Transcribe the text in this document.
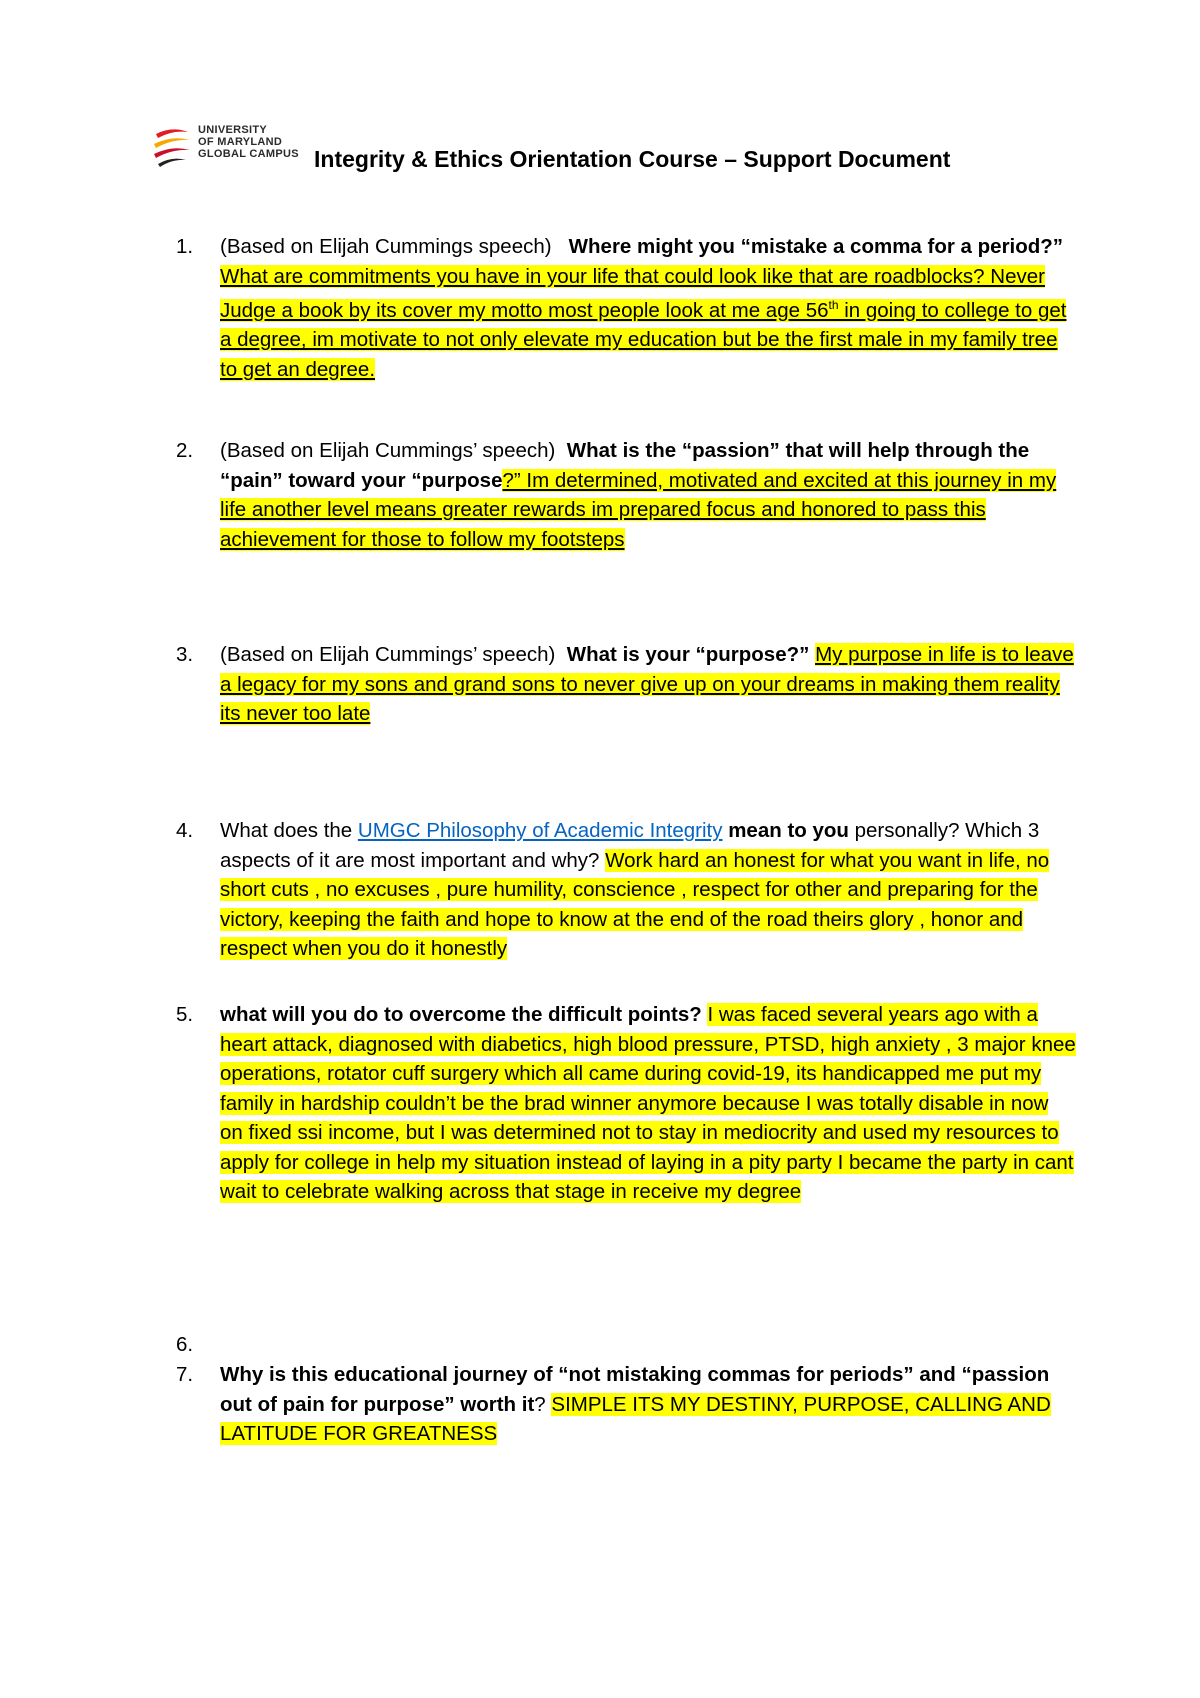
UNIVERSITY
OF MARYLAND
GLOBAL CAMPUS Integrity & Ethics Orientation Course – Support Document
1.	(Based on Elijah Cummings speech) Where might you “mistake a comma for a period?” What are commitments you have in your life that could look like that are roadblocks? Never Judge a book by its cover my motto most people look at me age 56th in going to college to get a degree, im motivate to not only elevate my education but be the first male in my family tree to get an degree.
2.	(Based on Elijah Cummings’ speech) What is the “passion” that will help through the “pain” toward your “purpose?” Im determined, motivated and excited at this journey in my life another level means greater rewards im prepared focus and honored to pass this achievement for those to follow my footsteps
3.	(Based on Elijah Cummings’ speech) What is your “purpose?” My purpose in life is to leave a legacy for my sons and grand sons to never give up on your dreams in making them reality its never too late
4.	What does the UMGC Philosophy of Academic Integrity mean to you personally? Which 3 aspects of it are most important and why? Work hard an honest for what you want in life, no short cuts , no excuses , pure humility, conscience , respect for other and preparing for the victory, keeping the faith and hope to know at the end of the road theirs glory , honor and respect when you do it honestly
5.	what will you do to overcome the difficult points? I was faced several years ago with a heart attack, diagnosed with diabetics, high blood pressure, PTSD, high anxiety , 3 major knee operations, rotator cuff surgery which all came during covid-19, its handicapped me put my family in hardship couldn’t be the brad winner anymore because I was totally disable in now on fixed ssi income, but I was determined not to stay in mediocrity and used my resources to apply for college in help my situation instead of laying in a pity party I became the party in cant wait to celebrate walking across that stage in receive my degree
6.
7.	Why is this educational journey of “not mistaking commas for periods” and “passion out of pain for purpose” worth it? SIMPLE ITS MY DESTINY, PURPOSE, CALLING AND LATITUDE FOR GREATNESS
